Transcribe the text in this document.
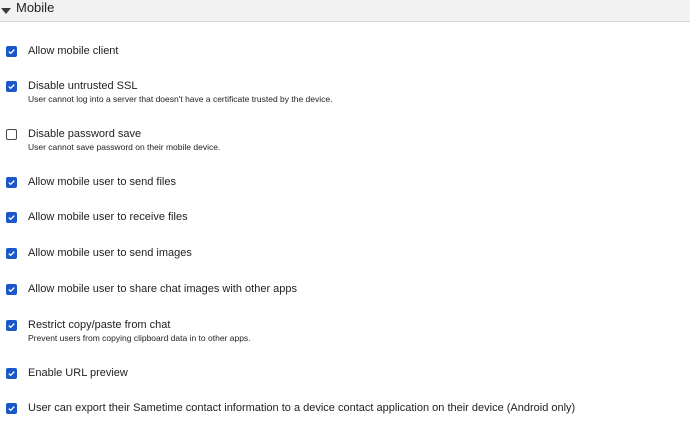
Mobile
Allow mobile client
Disable untrusted SSL
User cannot log into a server that doesn't have a certificate trusted by the device.
Disable password save
User cannot save password on their mobile device.
Allow mobile user to send files
Allow mobile user to receive files
Allow mobile user to send images
Allow mobile user to share chat images with other apps
Restrict copy/paste from chat
Prevent users from copying clipboard data in to other apps.
Enable URL preview
User can export their Sametime contact information to a device contact application on their device (Android only)
